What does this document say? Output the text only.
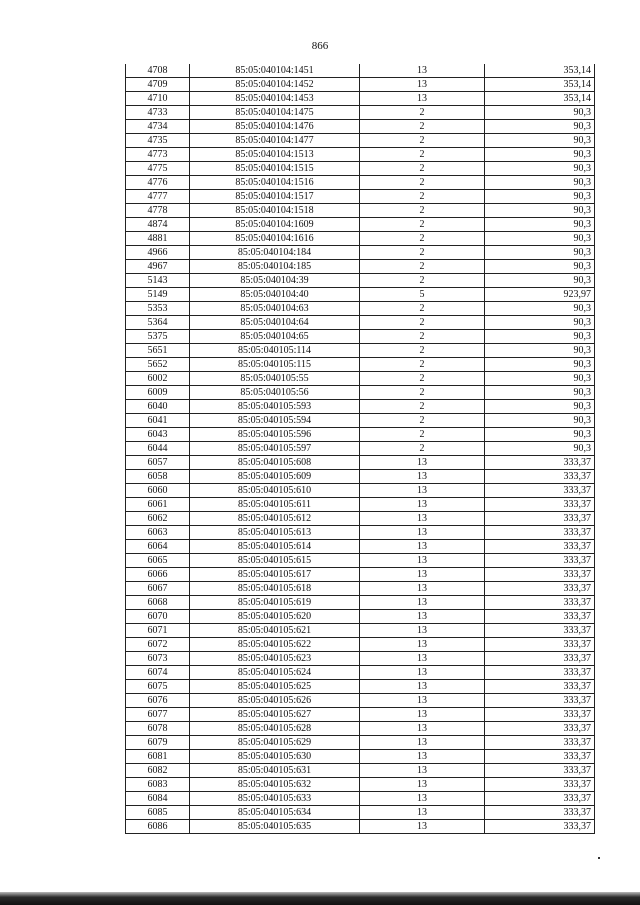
866
4708	85:05:040104:1451	13	353,14
4709	85:05:040104:1452	13	353,14
4710	85:05:040104:1453	13	353,14
4733	85:05:040104:1475	2	90,3
4734	85:05:040104:1476	2	90,3
4735	85:05:040104:1477	2	90,3
4773	85:05:040104:1513	2	90,3
4775	85:05:040104:1515	2	90,3
4776	85:05:040104:1516	2	90,3
4777	85:05:040104:1517	2	90,3
4778	85:05:040104:1518	2	90,3
4874	85:05:040104:1609	2	90,3
4881	85:05:040104:1616	2	90,3
4966	85:05:040104:184	2	90,3
4967	85:05:040104:185	2	90,3
5143	85:05:040104:39	2	90,3
5149	85:05:040104:40	5	923,97
5353	85:05:040104:63	2	90,3
5364	85:05:040104:64	2	90,3
5375	85:05:040104:65	2	90,3
5651	85:05:040105:114	2	90,3
5652	85:05:040105:115	2	90,3
6002	85:05:040105:55	2	90,3
6009	85:05:040105:56	2	90,3
6040	85:05:040105:593	2	90,3
6041	85:05:040105:594	2	90,3
6043	85:05:040105:596	2	90,3
6044	85:05:040105:597	2	90,3
6057	85:05:040105:608	13	333,37
6058	85:05:040105:609	13	333,37
6060	85:05:040105:610	13	333,37
6061	85:05:040105:611	13	333,37
6062	85:05:040105:612	13	333,37
6063	85:05:040105:613	13	333,37
6064	85:05:040105:614	13	333,37
6065	85:05:040105:615	13	333,37
6066	85:05:040105:617	13	333,37
6067	85:05:040105:618	13	333,37
6068	85:05:040105:619	13	333,37
6070	85:05:040105:620	13	333,37
6071	85:05:040105:621	13	333,37
6072	85:05:040105:622	13	333,37
6073	85:05:040105:623	13	333,37
6074	85:05:040105:624	13	333,37
6075	85:05:040105:625	13	333,37
6076	85:05:040105:626	13	333,37
6077	85:05:040105:627	13	333,37
6078	85:05:040105:628	13	333,37
6079	85:05:040105:629	13	333,37
6081	85:05:040105:630	13	333,37
6082	85:05:040105:631	13	333,37
6083	85:05:040105:632	13	333,37
6084	85:05:040105:633	13	333,37
6085	85:05:040105:634	13	333,37
6086	85:05:040105:635	13	333,37
